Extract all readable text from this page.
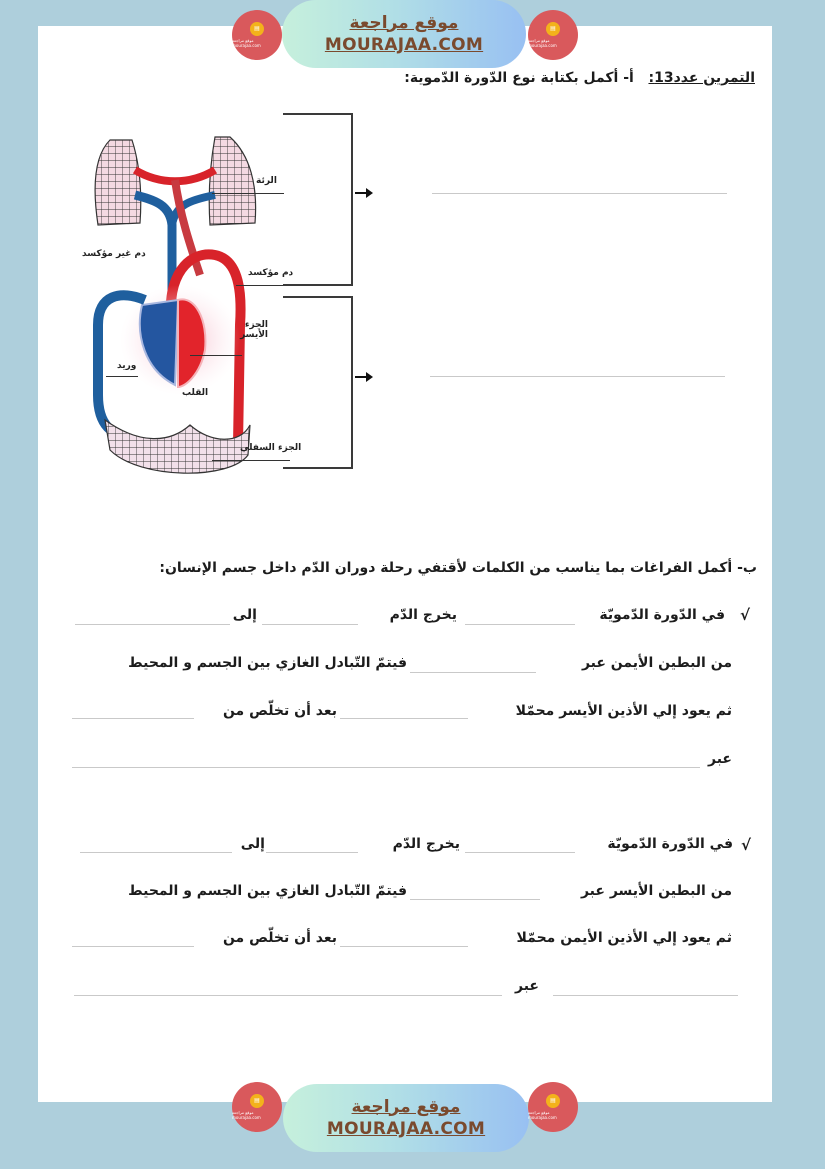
▤
موقع مراجعة mourajaa.com
موقع مراجعة
MOURAJAA.COM
▤
موقع مراجعة mourajaa.com
التمرين عدد13:   أ- أكمل بكتابة نوع الدّورة الدّموية:
الرئة
دم غير مؤكسد
دم مؤكسد
الجزء الأيسر
وريد
القلب
الجزء السفلي
ب- أكمل الفراغات بما يناسب من الكلمات لأقتفي رحلة دوران الدّم داخل جسم الإنسان:
√
في الدّورة الدّمويّة
يخرج الدّم
إلى
من البطين الأيمن عبر
فيتمّ التّبادل الغازي بين الجسم و المحيط
ثم يعود إلي الأذين الأيسر محمّلا
بعد أن تخلّص من
عبر
√
في الدّورة الدّمويّة
يخرج الدّم
إلى
من البطين الأيسر عبر
فيتمّ التّبادل الغازي بين الجسم و المحيط
ثم يعود إلي الأذين الأيمن محمّلا
بعد أن تخلّص من
عبر
▤
موقع مراجعة mourajaa.com
موقع مراجعة
MOURAJAA.COM
▤
موقع مراجعة mourajaa.com
